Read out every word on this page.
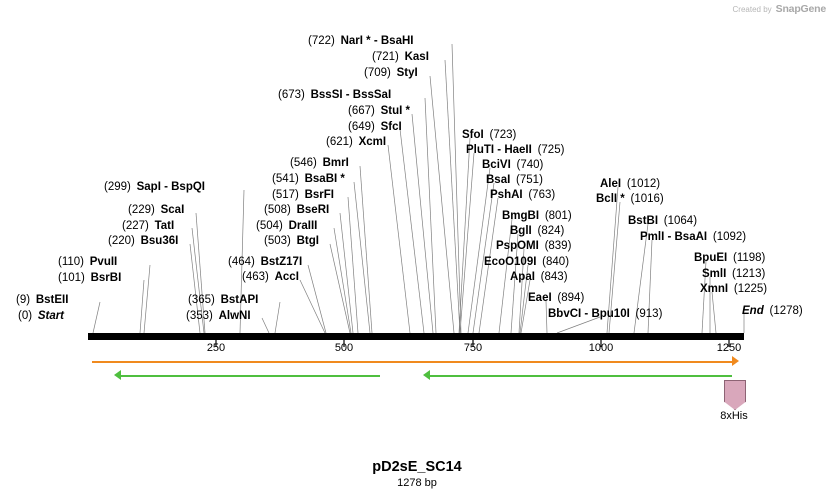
Created by SnapGene
(722)  NarI * - BsaHI
(721)  KasI
(709)  StyI
(673)  BssSI - BssSaI
(667)  StuI *
(649)  SfcI
(621)  XcmI
(546)  BmrI
(541)  BsaBI *
(517)  BsrFI
(508)  BseRI
(504)  DraIII
(503)  BtgI
(464)  BstZ17I
(463)  AccI
(365)  BstAPI
(353)  AlwNI
(299)  SapI - BspQI
(229)  ScaI
(227)  TatI
(220)  Bsu36I
(110)  PvuII
(101)  BsrBI
(9)  BstEII
(0)  Start
SfoI  (723)
PluTI - HaeII  (725)
BciVI  (740)
BsaI  (751)
PshAI  (763)
BmgBI  (801)
BglI  (824)
PspOMI  (839)
EcoO109I  (840)
ApaI  (843)
EaeI  (894)
BbvCI - Bpu10I  (913)
AleI  (1012)
BclI *  (1016)
BstBI  (1064)
PmlI - BsaAI  (1092)
BpuEI  (1198)
SmlI  (1213)
XmnI  (1225)
End  (1278)
250	500	750	1000	1250
8xHis
pD2sE_SC14
1278 bp
